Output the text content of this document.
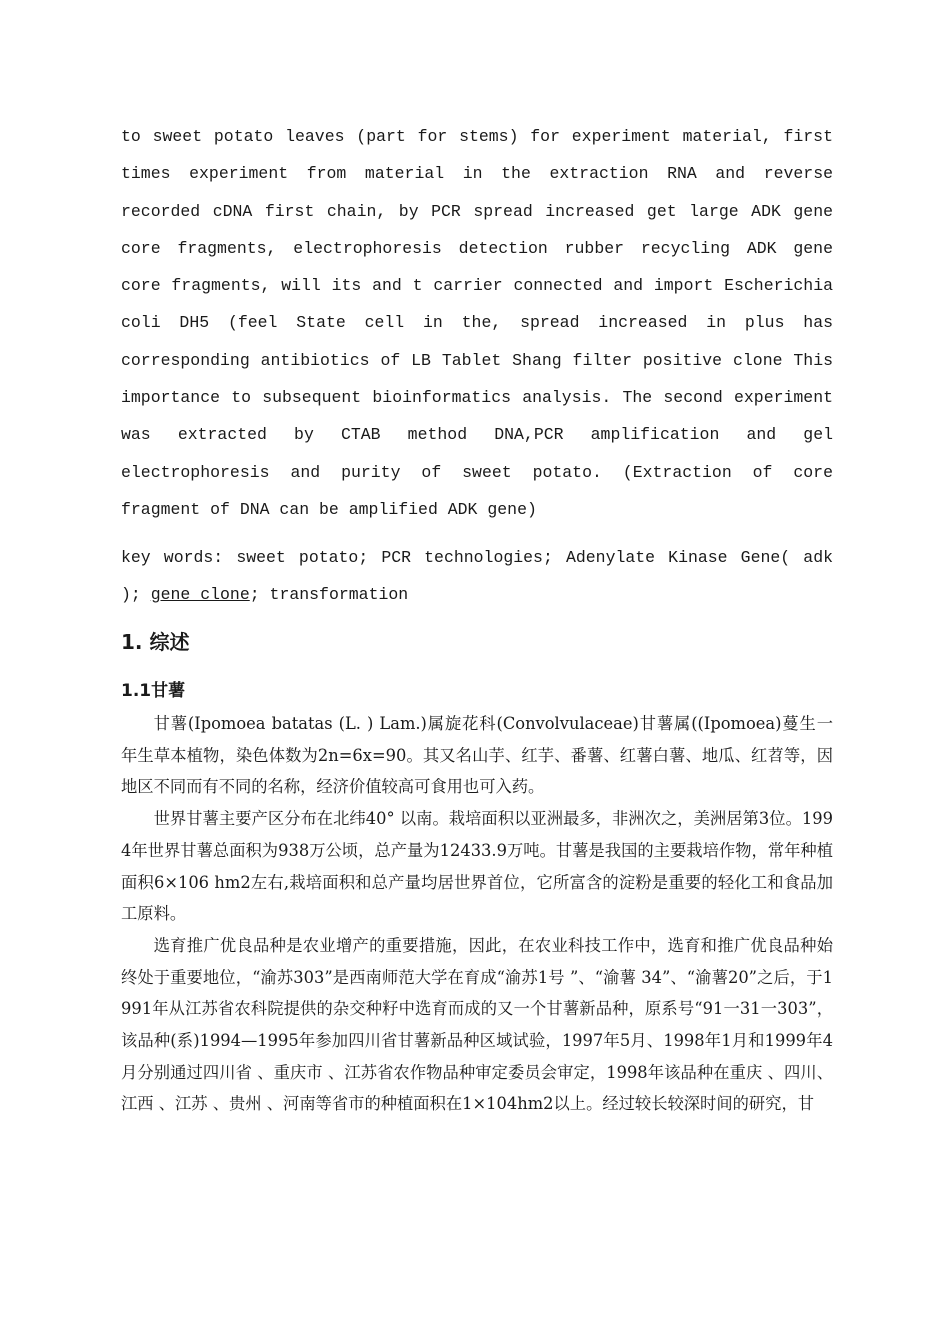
to sweet potato leaves (part for stems) for experiment material, first times experiment from material in the extraction RNA and reverse recorded cDNA first chain, by PCR spread increased get large ADK gene core fragments, electrophoresis detection rubber recycling ADK gene core fragments, will its and t carrier connected and import Escherichia coli DH5 (feel State cell in the, spread increased in plus has corresponding antibiotics of LB Tablet Shang filter positive clone This importance to subsequent bioinformatics analysis. The second experiment was extracted by CTAB method DNA,PCR amplification and gel electrophoresis and purity of sweet potato. (Extraction of core fragment of DNA can be amplified ADK gene)

key words: sweet potato; PCR technologies; Adenylate Kinase Gene( adk ); gene clone; transformation

1. 综述
1.1甘薯

甘薯(Ipomoea batatas (L. ) Lam.)属旋花科(Convolvulaceae)甘薯属((Ipomoea)蔓生一年生草本植物，染色体数为2n=6x=90。其又名山芋、红芋、番薯、红薯白薯、地瓜、红苕等，因地区不同而有不同的名称，经济价值较高可食用也可入药。

世界甘薯主要产区分布在北纬40° 以南。栽培面积以亚洲最多，非洲次之，美洲居第3位。1994年世界甘薯总面积为938万公顷，总产量为12433.9万吨。甘薯是我国的主要栽培作物，常年种植面积6×106 hm2左右,栽培面积和总产量均居世界首位，它所富含的淀粉是重要的轻化工和食品加工原料。

选育推广优良品种是农业增产的重要措施，因此，在农业科技工作中，选育和推广优良品种始终处于重要地位，“渝苏303”是西南师范大学在育成“渝苏1号 ”、“渝薯 34”、“渝薯20”之后，于1991年从江苏省农科院提供的杂交种籽中选育而成的又一个甘薯新品种，原系号“91一31一303”，该品种(系)1994—1995年参加四川省甘薯新品种区域试验，1997年5月、1998年1月和1999年4月分别通过四川省 、重庆市 、江苏省农作物品种审定委员会审定，1998年该品种在重庆 、四川、江西 、江苏 、贵州 、河南等省市的种植面积在1×104hm2以上。经过较长较深时间的研究，甘
